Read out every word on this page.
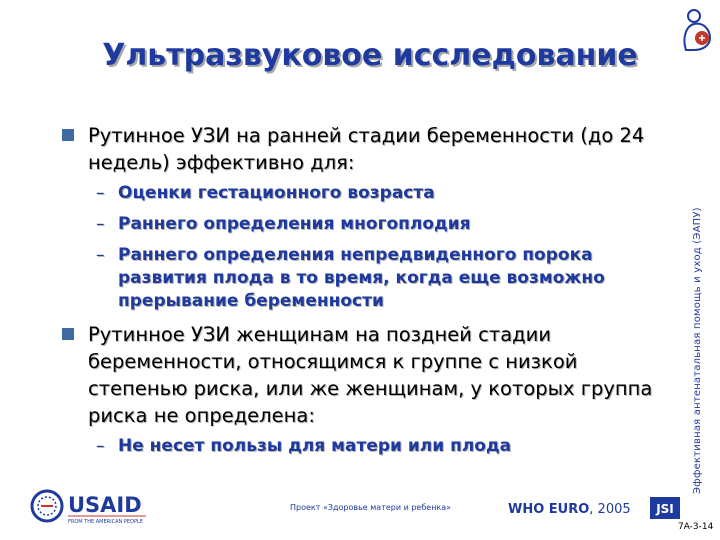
Ультразвуковое исследование
Эффективная антенатальная помощь и уход (ЭАПУ)
Рутинное УЗИ на ранней стадии беременности (до 24 недель) эффективно для:
– Оценки гестационного возраста
– Раннего определения многоплодия
– Раннего определения непредвиденного порока развития плода в то время, когда еще возможно прерывание беременности
Рутинное УЗИ женщинам на поздней стадии беременности, относящимся к группе с низкой степенью риска, или же женщинам, у которых группа риска не определена:
– Не несет пользы для матери или плода
USAID
FROM THE AMERICAN PEOPLE
Проект «Здоровье матери и ребенка»	WHO EURO, 2005 JSI
7A-3-14
